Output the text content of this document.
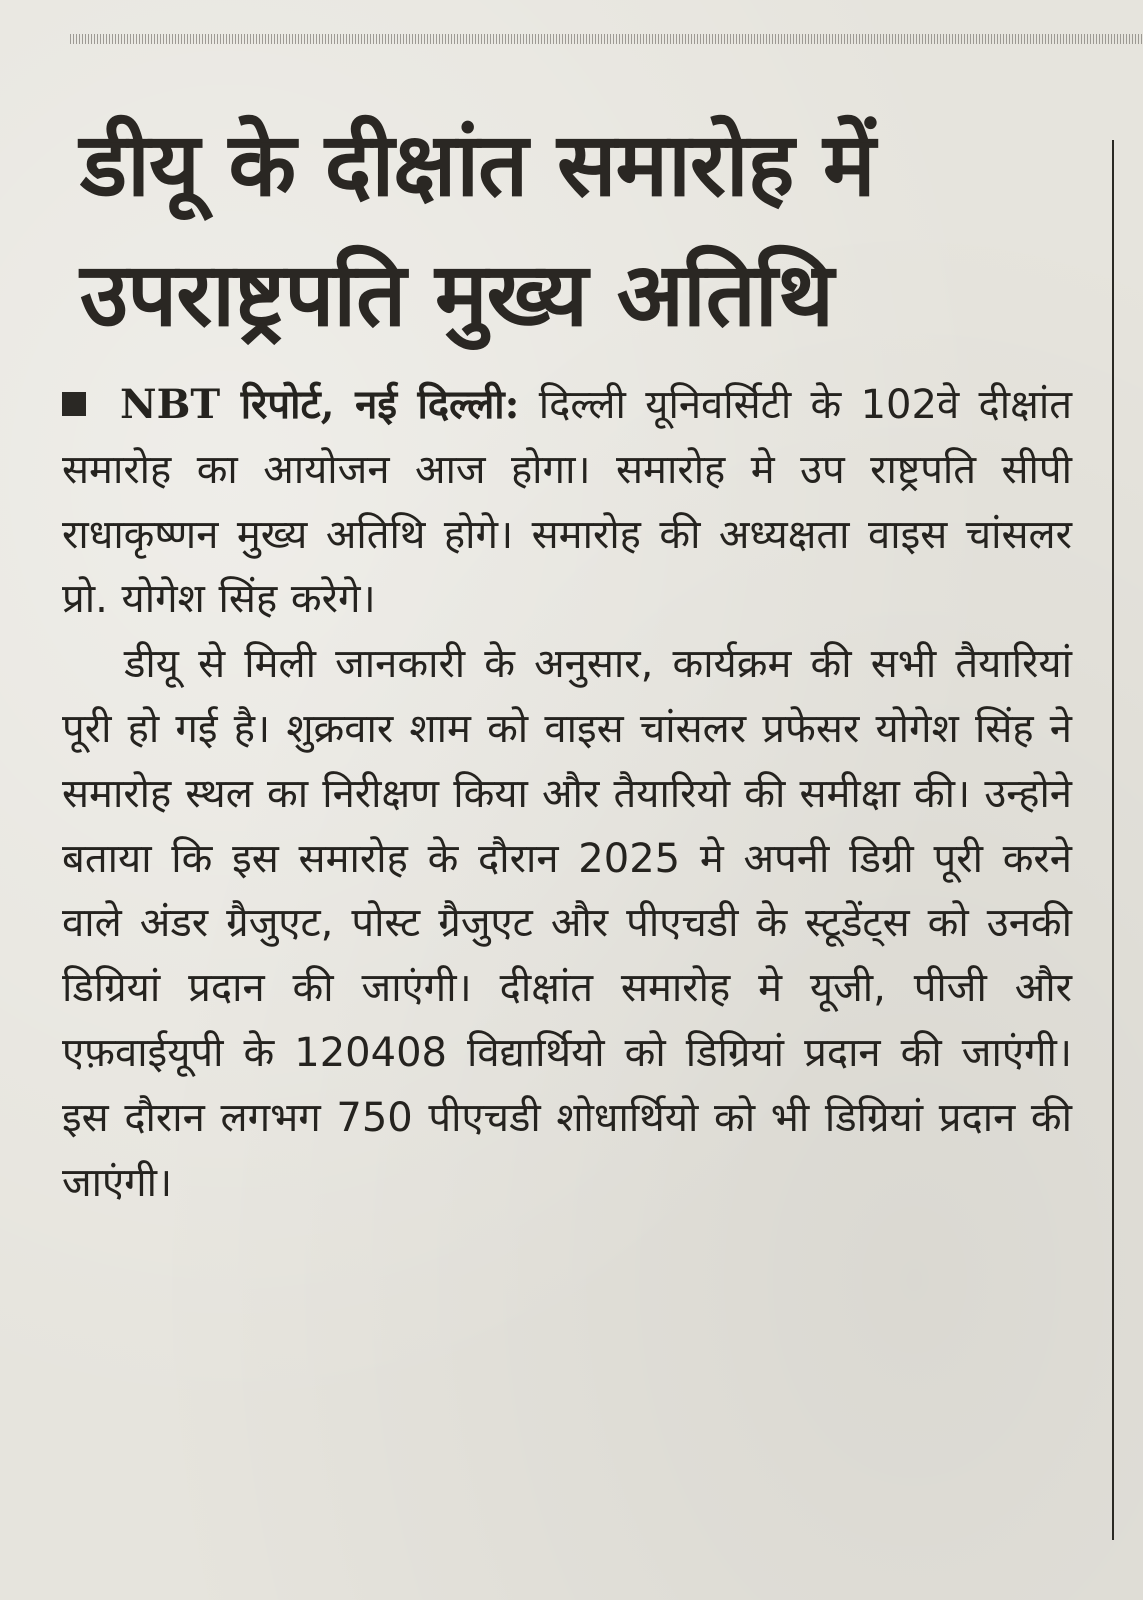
डीयू के दीक्षांत समारोह में
उपराष्ट्रपति मुख्य अतिथि

NBT रिपोर्ट, नई दिल्ली: दिल्ली यूनिवर्सिटी के 102वे दीक्षांत समारोह का आयोजन आज होगा। समारोह मे उप राष्ट्रपति सीपी राधाकृष्णन मुख्य अतिथि होगे। समारोह की अध्यक्षता वाइस चांसलर प्रो. योगेश सिंह करेगे।

डीयू से मिली जानकारी के अनुसार, कार्यक्रम की सभी तैयारियां पूरी हो गई है। शुक्रवार शाम को वाइस चांसलर प्रफेसर योगेश सिंह ने समारोह स्थल का निरीक्षण किया और तैयारियो की समीक्षा की। उन्होने बताया कि इस समारोह के दौरान 2025 मे अपनी डिग्री पूरी करने वाले अंडर ग्रैजुएट, पोस्ट ग्रैजुएट और पीएचडी के स्टूडेंट्स को उनकी डिग्रियां प्रदान की जाएंगी। दीक्षांत समारोह मे यूजी, पीजी और एफ़वाईयूपी के 120408 विद्यार्थियो को डिग्रियां प्रदान की जाएंगी। इस दौरान लगभग 750 पीएचडी शोधार्थियो को भी डिग्रियां प्रदान की जाएंगी।
